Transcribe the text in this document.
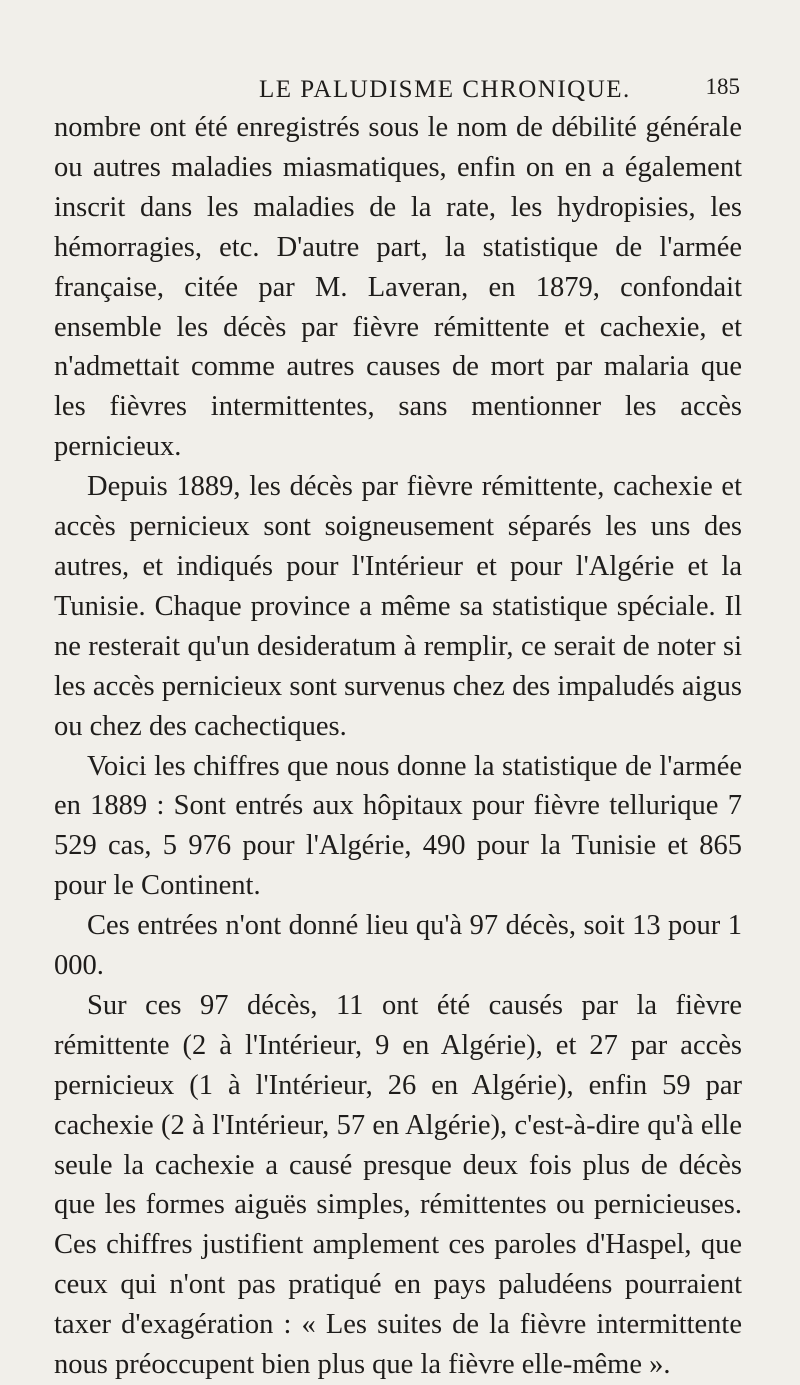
LE PALUDISME CHRONIQUE.	185

nombre ont été enregistrés sous le nom de débilité générale ou autres maladies miasmatiques, enfin on en a également inscrit dans les maladies de la rate, les hydropisies, les hémorragies, etc. D'autre part, la statistique de l'armée française, citée par M. Laveran, en 1879, confondait ensemble les décès par fièvre rémittente et cachexie, et n'admettait comme autres causes de mort par malaria que les fièvres intermittentes, sans mentionner les accès pernicieux.

Depuis 1889, les décès par fièvre rémittente, cachexie et accès pernicieux sont soigneusement séparés les uns des autres, et indiqués pour l'Intérieur et pour l'Algérie et la Tunisie. Chaque province a même sa statistique spéciale. Il ne resterait qu'un desideratum à remplir, ce serait de noter si les accès pernicieux sont survenus chez des impaludés aigus ou chez des cachectiques.

Voici les chiffres que nous donne la statistique de l'armée en 1889 : Sont entrés aux hôpitaux pour fièvre tellurique 7 529 cas, 5 976 pour l'Algérie, 490 pour la Tunisie et 865 pour le Continent.

Ces entrées n'ont donné lieu qu'à 97 décès, soit 13 pour 1 000.

Sur ces 97 décès, 11 ont été causés par la fièvre rémittente (2 à l'Intérieur, 9 en Algérie), et 27 par accès pernicieux (1 à l'Intérieur, 26 en Algérie), enfin 59 par cachexie (2 à l'Intérieur, 57 en Algérie), c'est-à-dire qu'à elle seule la cachexie a causé presque deux fois plus de décès que les formes aiguës simples, rémittentes ou pernicieuses. Ces chiffres justifient amplement ces paroles d'Haspel, que ceux qui n'ont pas pratiqué en pays paludéens pourraient taxer d'exagération : « Les suites de la fièvre intermittente nous préoccupent bien plus que la fièvre elle-même ».
